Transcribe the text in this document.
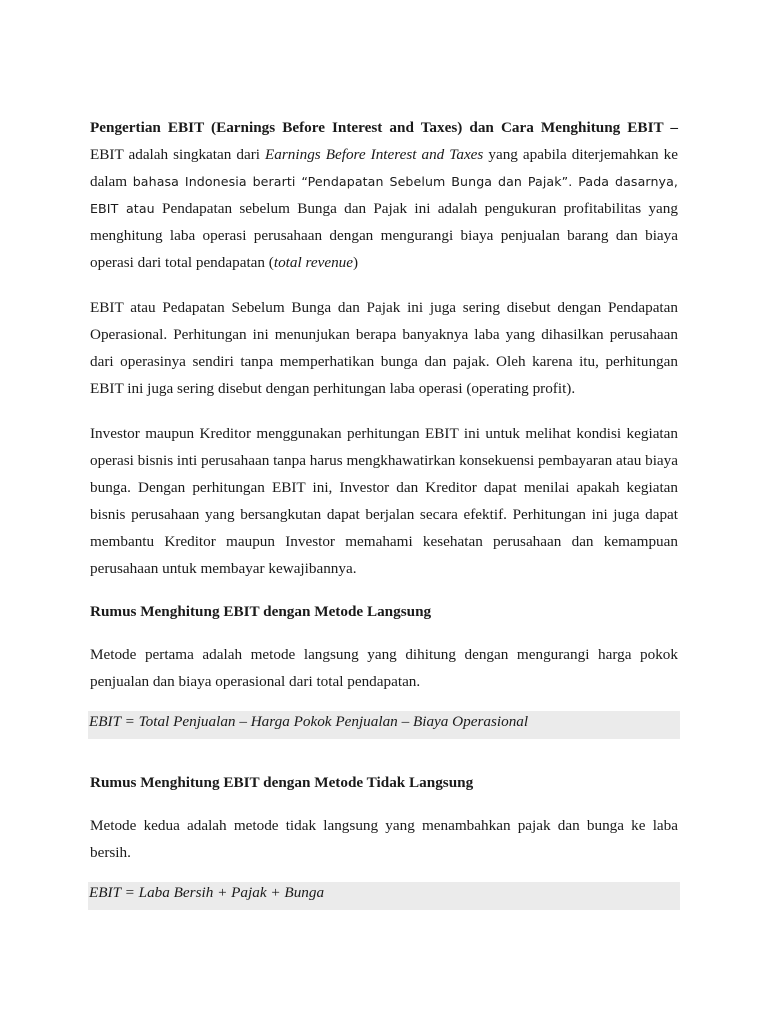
Pengertian EBIT (Earnings Before Interest and Taxes) dan Cara Menghitung EBIT – EBIT adalah singkatan dari Earnings Before Interest and Taxes yang apabila diterjemahkan ke dalam bahasa Indonesia berarti “Pendapatan Sebelum Bunga dan Pajak”. Pada dasarnya, EBIT atau Pendapatan sebelum Bunga dan Pajak ini adalah pengukuran profitabilitas yang menghitung laba operasi perusahaan dengan mengurangi biaya penjualan barang dan biaya operasi dari total pendapatan (total revenue)

EBIT atau Pedapatan Sebelum Bunga dan Pajak ini juga sering disebut dengan Pendapatan Operasional. Perhitungan ini menunjukan berapa banyaknya laba yang dihasilkan perusahaan dari operasinya sendiri tanpa memperhatikan bunga dan pajak. Oleh karena itu, perhitungan EBIT ini juga sering disebut dengan perhitungan laba operasi (operating profit).

Investor maupun Kreditor menggunakan perhitungan EBIT ini untuk melihat kondisi kegiatan operasi bisnis inti perusahaan tanpa harus mengkhawatirkan konsekuensi pembayaran atau biaya bunga. Dengan perhitungan EBIT ini, Investor dan Kreditor dapat menilai apakah kegiatan bisnis perusahaan yang bersangkutan dapat berjalan secara efektif. Perhitungan ini juga dapat membantu Kreditor maupun Investor memahami kesehatan perusahaan dan kemampuan perusahaan untuk membayar kewajibannya.

Rumus Menghitung EBIT dengan Metode Langsung

Metode pertama adalah metode langsung yang dihitung dengan mengurangi harga pokok penjualan dan biaya operasional dari total pendapatan.

EBIT = Total Penjualan – Harga Pokok Penjualan – Biaya Operasional

Rumus Menghitung EBIT dengan Metode Tidak Langsung

Metode kedua adalah metode tidak langsung yang menambahkan pajak dan bunga ke laba bersih.

EBIT = Laba Bersih + Pajak + Bunga
